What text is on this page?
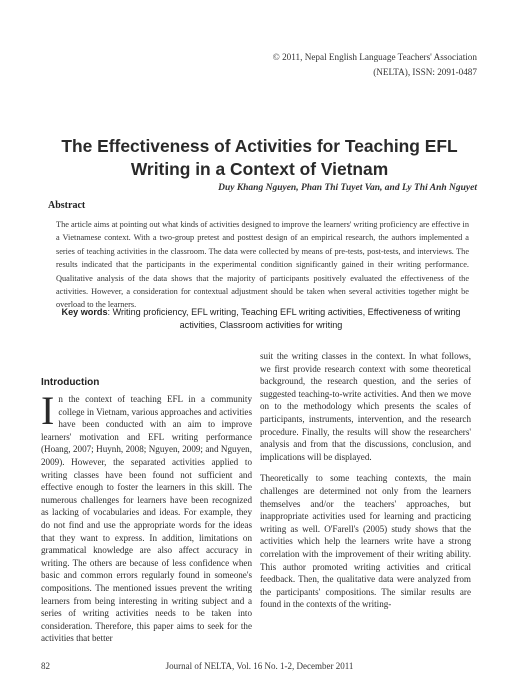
© 2011, Nepal English Language Teachers' Association
(NELTA), ISSN: 2091-0487
The Effectiveness of Activities for Teaching EFL
Writing in a Context of Vietnam
Duy Khang Nguyen, Phan Thi Tuyet Van, and Ly Thi Anh Nguyet
Abstract
The article aims at pointing out what kinds of activities designed to improve the learners' writing proficiency are effective in a Vietnamese context. With a two-group pretest and posttest design of an empirical research, the authors implemented a series of teaching activities in the classroom. The data were collected by means of pre-tests, post-tests, and interviews. The results indicated that the participants in the experimental condition significantly gained in their writing performance. Qualitative analysis of the data shows that the majority of participants positively evaluated the effectiveness of the activities. However, a consideration for contextual adjustment should be taken when several activities together might be overload to the learners.
Key words: Writing proficiency, EFL writing, Teaching EFL writing activities, Effectiveness of writing activities, Classroom activities for writing
Introduction

In the context of teaching EFL in a community college in Vietnam, various approaches and activities have been conducted with an aim to improve learners' motivation and EFL writing performance (Hoang, 2007; Huynh, 2008; Nguyen, 2009; and Nguyen, 2009). However, the separated activities applied to writing classes have been found not sufficient and effective enough to foster the learners in this skill. The numerous challenges for learners have been recognized as lacking of vocabularies and ideas. For example, they do not find and use the appropriate words for the ideas that they want to express. In addition, limitations on grammatical knowledge are also affect accuracy in writing. The others are because of less confidence when basic and common errors regularly found in someone's compositions. The mentioned issues prevent the writing learners from being interesting in writing subject and a series of writing activities needs to be taken into consideration. Therefore, this paper aims to seek for the activities that better

suit the writing classes in the context. In what follows, we first provide research context with some theoretical background, the research question, and the series of suggested teaching-to-write activities. And then we move on to the methodology which presents the scales of participants, instruments, intervention, and the research procedure. Finally, the results will show the researchers' analysis and from that the discussions, conclusion, and implications will be displayed.

Theoretically to some teaching contexts, the main challenges are determined not only from the learners themselves and/or the teachers' approaches, but inappropriate activities used for learning and practicing writing as well. O'Farell's (2005) study shows that the activities which help the learners write have a strong correlation with the improvement of their writing ability. This author promoted writing activities and critical feedback. Then, the qualitative data were analyzed from the participants' compositions. The similar results are found in the contexts of the writing-

82	Journal of NELTA, Vol. 16 No. 1-2, December 2011
